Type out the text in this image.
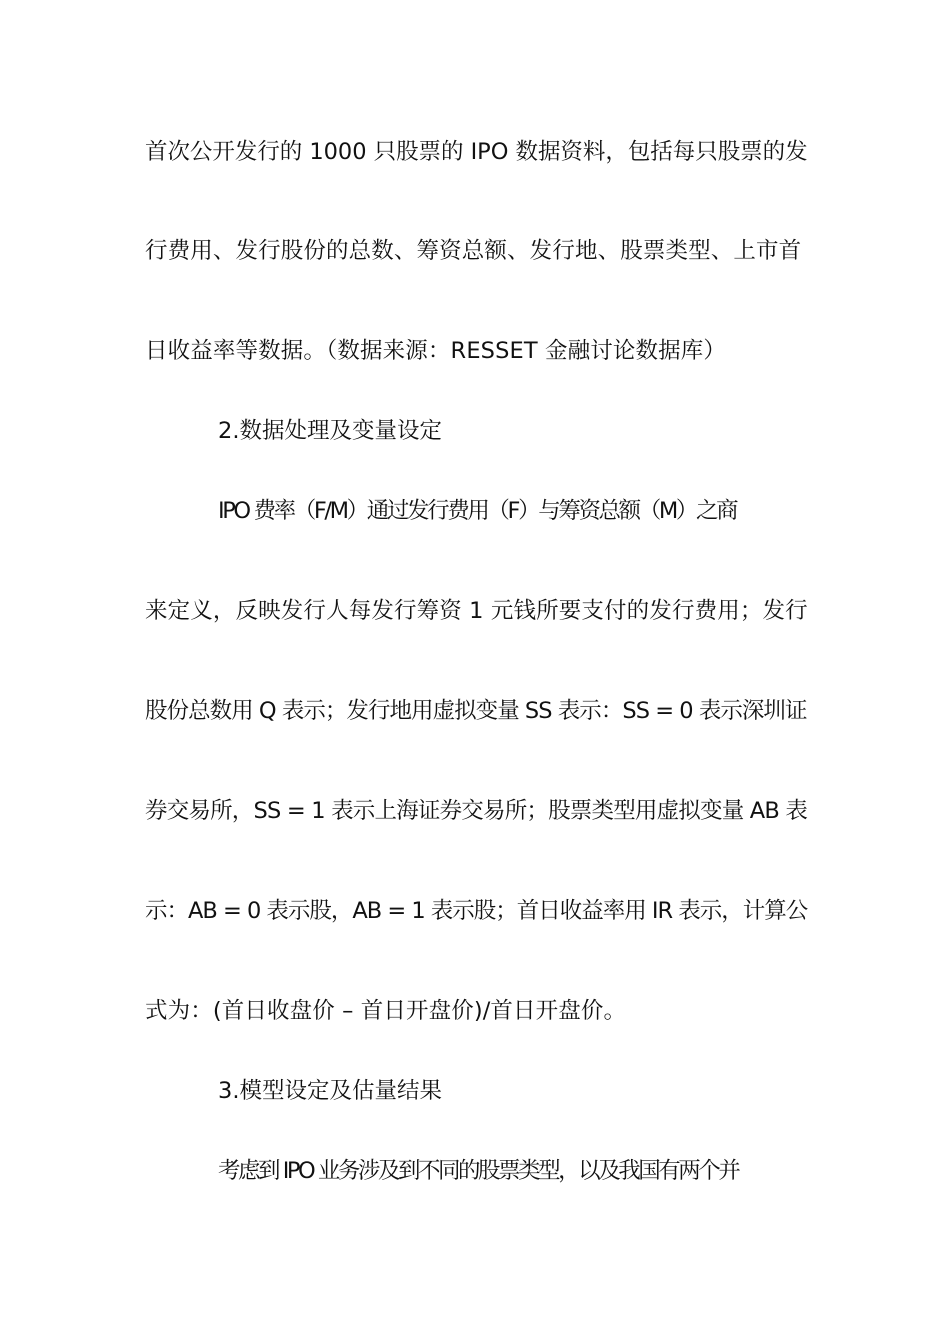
首次公开发行的 1000 只股票的 IPO 数据资料，包括每只股票的发
行费用、发行股份的总数、筹资总额、发行地、股票类型、上市首
日收益率等数据。（数据来源：RESSET 金融讨论数据库）
2.数据处理及变量设定
IPO 费率（F/M）通过发行费用（F）与筹资总额（M）之商
来定义，反映发行人每发行筹资 1 元钱所要支付的发行费用；发行
股份总数用 Q 表示；发行地用虚拟变量 SS 表示：SS = 0 表示深圳证
券交易所，SS = 1 表示上海证券交易所；股票类型用虚拟变量 AB 表
示：AB = 0 表示股，AB = 1 表示股；首日收益率用 IR 表示，计算公
式为：(首日收盘价 – 首日开盘价)/首日开盘价。
3.模型设定及估量结果
考虑到 IPO 业务涉及到不同的股票类型，以及我国有两个并
